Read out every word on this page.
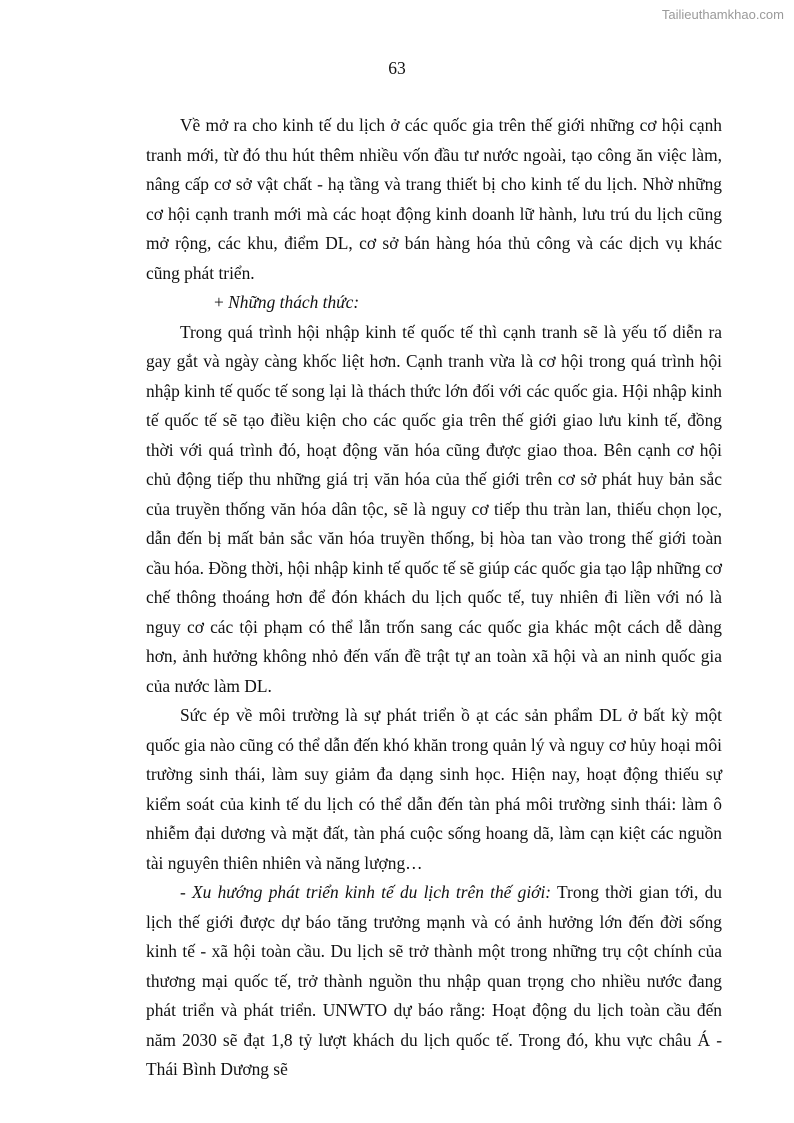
Tailieuthamkhao.com
63

Về mở ra cho kinh tế du lịch ở các quốc gia trên thế giới những cơ hội cạnh tranh mới, từ đó thu hút thêm nhiều vốn đầu tư nước ngoài, tạo công ăn việc làm, nâng cấp cơ sở vật chất - hạ tầng và trang thiết bị cho kinh tế du lịch. Nhờ những cơ hội cạnh tranh mới mà các hoạt động kinh doanh lữ hành, lưu trú du lịch cũng mở rộng, các khu, điểm DL, cơ sở bán hàng hóa thủ công và các dịch vụ khác cũng phát triển.

+ Những thách thức:

Trong quá trình hội nhập kinh tế quốc tế thì cạnh tranh sẽ là yếu tố diễn ra gay gắt và ngày càng khốc liệt hơn. Cạnh tranh vừa là cơ hội trong quá trình hội nhập kinh tế quốc tế song lại là thách thức lớn đối với các quốc gia. Hội nhập kinh tế quốc tế sẽ tạo điều kiện cho các quốc gia trên thế giới giao lưu kinh tế, đồng thời với quá trình đó, hoạt động văn hóa cũng được giao thoa. Bên cạnh cơ hội chủ động tiếp thu những giá trị văn hóa của thế giới trên cơ sở phát huy bản sắc của truyền thống văn hóa dân tộc, sẽ là nguy cơ tiếp thu tràn lan, thiếu chọn lọc, dẫn đến bị mất bản sắc văn hóa truyền thống, bị hòa tan vào trong thế giới toàn cầu hóa. Đồng thời, hội nhập kinh tế quốc tế sẽ giúp các quốc gia tạo lập những cơ chế thông thoáng hơn để đón khách du lịch quốc tế, tuy nhiên đi liền với nó là nguy cơ các tội phạm có thể lẫn trốn sang các quốc gia khác một cách dễ dàng hơn, ảnh hưởng không nhỏ đến vấn đề trật tự an toàn xã hội và an ninh quốc gia của nước làm DL.

Sức ép về môi trường là sự phát triển ồ ạt các sản phẩm DL ở bất kỳ một quốc gia nào cũng có thể dẫn đến khó khăn trong quản lý và nguy cơ hủy hoại môi trường sinh thái, làm suy giảm đa dạng sinh học. Hiện nay, hoạt động thiếu sự kiểm soát của kinh tế du lịch có thể dẫn đến tàn phá môi trường sinh thái: làm ô nhiễm đại dương và mặt đất, tàn phá cuộc sống hoang dã, làm cạn kiệt các nguồn tài nguyên thiên nhiên và năng lượng…

- Xu hướng phát triển kinh tế du lịch trên thế giới: Trong thời gian tới, du lịch thế giới được dự báo tăng trưởng mạnh và có ảnh hưởng lớn đến đời sống kinh tế - xã hội toàn cầu. Du lịch sẽ trở thành một trong những trụ cột chính của thương mại quốc tế, trở thành nguồn thu nhập quan trọng cho nhiều nước đang phát triển và phát triển. UNWTO dự báo rằng: Hoạt động du lịch toàn cầu đến năm 2030 sẽ đạt 1,8 tỷ lượt khách du lịch quốc tế. Trong đó, khu vực châu Á - Thái Bình Dương sẽ
